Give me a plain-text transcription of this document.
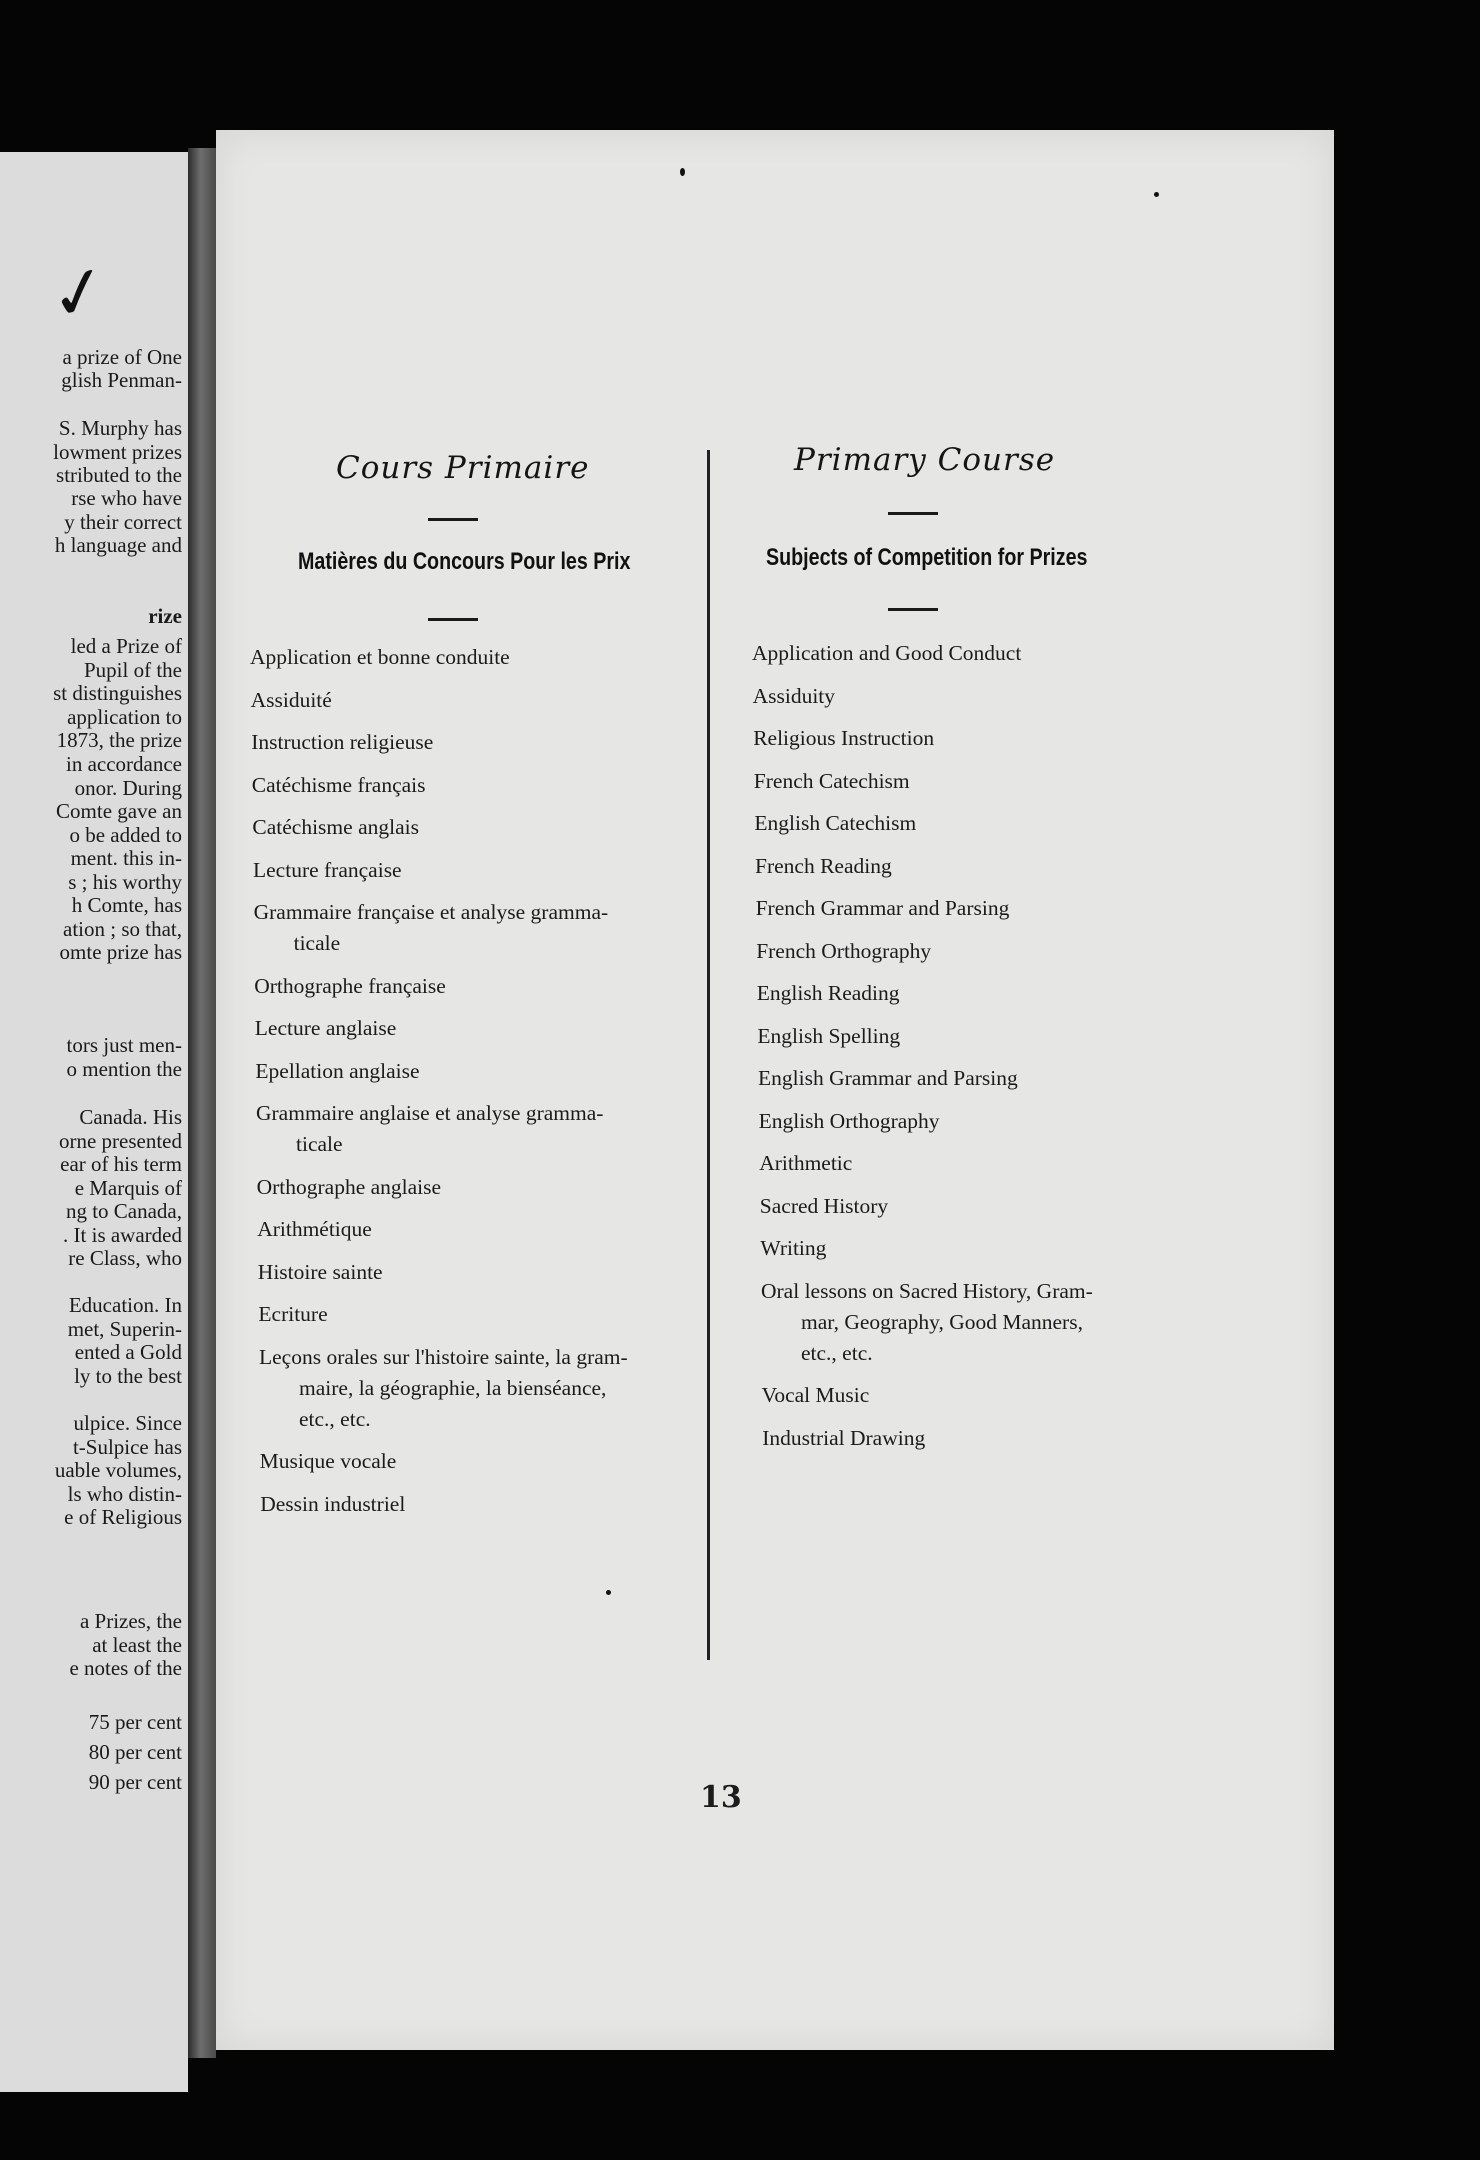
✓
a prize of One
glish Penman-
S. Murphy has
lowment prizes
stributed to the
rse who have
y their correct
h language and
rize
led a Prize of
Pupil of the
st distinguishes
application to
1873, the prize
in accordance
onor. During
Comte gave an
o be added to
ment. this in-
s ; his worthy
h Comte, has
ation ; so that,
omte prize has
tors just men-
o mention the
Canada. His
orne presented
ear of his term
e Marquis of
ng to Canada,
. It is awarded
re Class, who
Education. In
met, Superin-
ented a Gold
ly to the best
ulpice. Since
t-Sulpice has
uable volumes,
ls who distin-
e of Religious
a Prizes, the
at least the
e notes of the
75 per cent
80 per cent
90 per cent
Cours Primaire
Matières du Concours Pour les Prix
Application et bonne conduite
Assiduité
Instruction religieuse
Catéchisme français
Catéchisme anglais
Lecture française
Grammaire française et analyse gramma-
ticale
Orthographe française
Lecture anglaise
Epellation anglaise
Grammaire anglaise et analyse gramma-
ticale
Orthographe anglaise
Arithmétique
Histoire sainte
Ecriture
Leçons orales sur l'histoire sainte, la gram-
maire, la géographie, la bienséance,
etc., etc.
Musique vocale
Dessin industriel
Primary Course
Subjects of Competition for Prizes
Application and Good Conduct
Assiduity
Religious Instruction
French Catechism
English Catechism
French Reading
French Grammar and Parsing
French Orthography
English Reading
English Spelling
English Grammar and Parsing
English Orthography
Arithmetic
Sacred History
Writing
Oral lessons on Sacred History, Gram-
mar, Geography, Good Manners,
etc., etc.
Vocal Music
Industrial Drawing
13
